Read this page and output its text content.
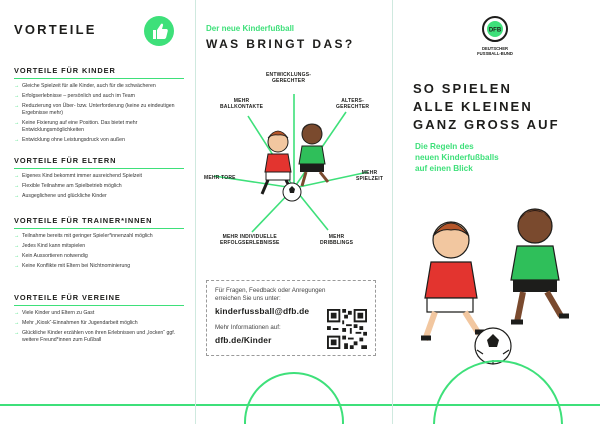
VORTEILE
VORTEILE FÜR KINDER
→ Gleiche Spielzeit für alle Kinder, auch für die schwächeren
→ Erfolgserlebnisse – persönlich und auch im Team
→ Reduzierung von Über- bzw. Unterforderung (keine zu eindeutigen Ergebnisse mehr)
→ Keine Fixierung auf eine Position. Das bietet mehr Entwicklungsmöglichkeiten
→ Entwicklung ohne Leistungsdruck von außen
VORTEILE FÜR ELTERN
→ Eigenes Kind bekommt immer ausreichend Spielzeit
→ Flexible Teilnahme am Spielbetrieb möglich
→ Ausgeglichene und glückliche Kinder
VORTEILE FÜR TRAINER*INNEN
→ Teilnahme bereits mit geringer Spieler*innenzahl möglich
→ Jedes Kind kann mitspielen
→ Kein Aussortieren notwendig
→ Keine Konflikte mit Eltern bei Nichtnominierung
VORTEILE FÜR VEREINE
→ Viele Kinder und Eltern zu Gast
→ Mehr „Kiosk“-Einnahmen für Jugendarbeit möglich
→ Glückliche Kinder erzählen von ihren Erlebnissen und „locken“ ggf. weitere Freund*innen zum Fußball
Der neue Kinderfußball
WAS BRINGT DAS?
ENTWICKLUNGS-
GERECHTER
MEHR
BALLKONTAKTE
ALTERS-
GERECHTER
MEHR TORE
MEHR
SPIELZEIT
MEHR INDIVIDUELLE
ERFOLGSERLEBNISSE
MEHR
DRIBBLINGS
Für Fragen, Feedback oder Anregungen
erreichen Sie uns unter:
kinderfussball@dfb.de
Mehr Informationen auf:
dfb.de/Kinder
DFB
DEUTSCHER
FUSSBALL-BUND
SO SPIELEN
ALLE KLEINEN
GANZ GROSS AUF
Die Regeln des
neuen Kinderfußballs
auf einen Blick
